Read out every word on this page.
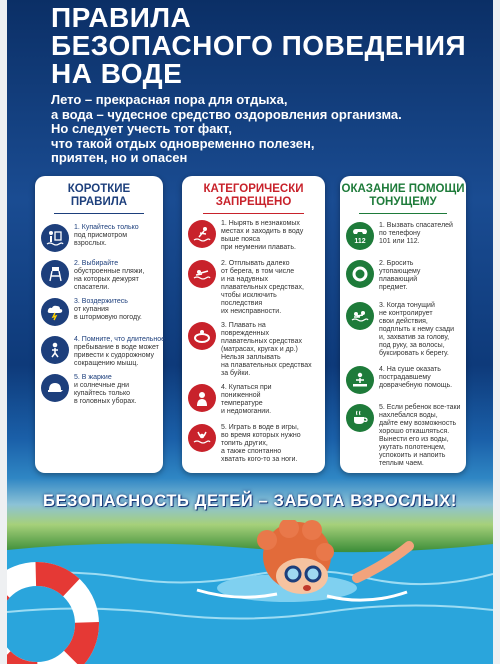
ПРАВИЛА
БЕЗОПАСНОГО ПОВЕДЕНИЯ
НА ВОДЕ
Лето – прекрасная пора для отдыха,
а вода – чудесное средство оздоровления организма.
Но следует учесть тот факт,
что такой отдых одновременно полезен,
приятен, но и опасен
КОРОТКИЕ
ПРАВИЛА
1. Купайтесь только
под присмотром
взрослых.
2. Выбирайте
обустроенные пляжи,
на которых дежурят
спасатели.
3. Воздержитесь
от купания
в штормовую погоду.
4. Помните, что длительное
пребывание в воде может
привести к судорожному
сокращению мышц.
5. В жаркие
и солнечные дни
купайтесь только
в головных уборах.
КАТЕГОРИЧЕСКИ
ЗАПРЕЩЕНО
1. Нырять в незнакомых
местах и заходить в воду
выше пояса
при неумении плавать.
2. Отплывать далеко
от берега, в том числе
и на надувных
плавательных средствах,
чтобы исключить
последствия
их неисправности.
3. Плавать на
поврежденных
плавательных средствах
(матрасах, кругах и др.)
Нельзя заплывать
на плавательных средствах
за буйки.
4. Купаться при
пониженной
температуре
и недомогании.
5. Играть в воде в игры,
во время которых нужно
топить других,
а также спонтанно
хватать кого-то за ноги.
ОКАЗАНИЕ ПОМОЩИ
ТОНУЩЕМУ
112
1. Вызвать спасателей
по телефону
101 или 112.
2. Бросить
утопающему
плавающий
предмет.
3. Когда тонущий
не контролирует
свои действия,
подплыть к нему сзади
и, захватив за голову,
под руку, за волосы,
буксировать к берегу.
4. На суше оказать
пострадавшему
доврачебную помощь.
5. Если ребенок все-таки
нахлебался воды,
дайте ему возможность
хорошо откашляться.
Вынести его из воды,
укутать полотенцем,
успокоить и напоить
теплым чаем.
БЕЗОПАСНОСТЬ ДЕТЕЙ – ЗАБОТА ВЗРОСЛЫХ!
